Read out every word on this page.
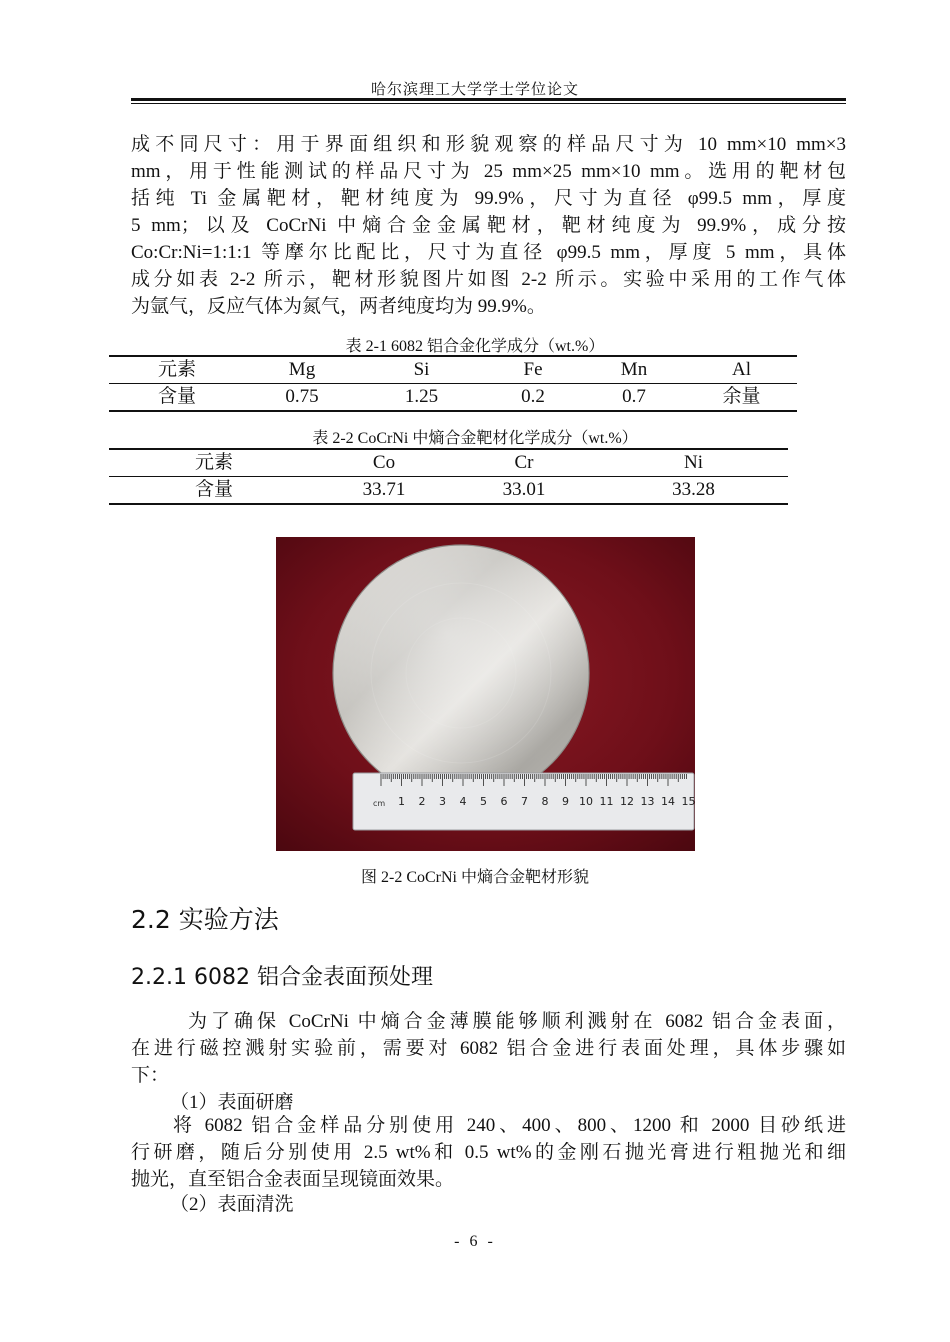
哈尔滨理工大学学士学位论文
成不同尺寸：用于界面组织和形貌观察的样品尺寸为 10 mm×10 mm×3
mm，用于性能测试的样品尺寸为 25 mm×25 mm×10 mm。选用的靶材包
括纯 Ti 金属靶材，靶材纯度为 99.9%，尺寸为直径 φ99.5 mm，厚度
5 mm；以及 CoCrNi 中熵合金金属靶材，靶材纯度为 99.9%，成分按
Co:Cr:Ni=1:1:1 等摩尔比配比，尺寸为直径 φ99.5 mm，厚度 5 mm，具体
成分如表 2-2 所示，靶材形貌图片如图 2-2 所示。实验中采用的工作气体
为氩气，反应气体为氮气，两者纯度均为 99.9%。
表 2-1 6082 铝合金化学成分（wt.%）
元素	Mg	Si	Fe	Mn	Al
含量	0.75	1.25	0.2	0.7	余量
表 2-2 CoCrNi 中熵合金靶材化学成分（wt.%）
元素	Co	Cr	Ni
含量	33.71	33.01	33.28
cm 1 2 3 4 5 6 7 8 9 10 11 12 13 14 15
图 2-2 CoCrNi 中熵合金靶材形貌
2.2 实验方法
2.2.1 6082 铝合金表面预处理
为了确保 CoCrNi 中熵合金薄膜能够顺利溅射在 6082 铝合金表面，
在进行磁控溅射实验前，需要对 6082 铝合金进行表面处理，具体步骤如
下：
（1）表面研磨
将 6082 铝合金样品分别使用 240、400、800、1200 和 2000 目砂纸进
行研磨，随后分别使用 2.5 wt%和 0.5 wt%的金刚石抛光膏进行粗抛光和细
抛光，直至铝合金表面呈现镜面效果。
（2）表面清洗
- 6 -
